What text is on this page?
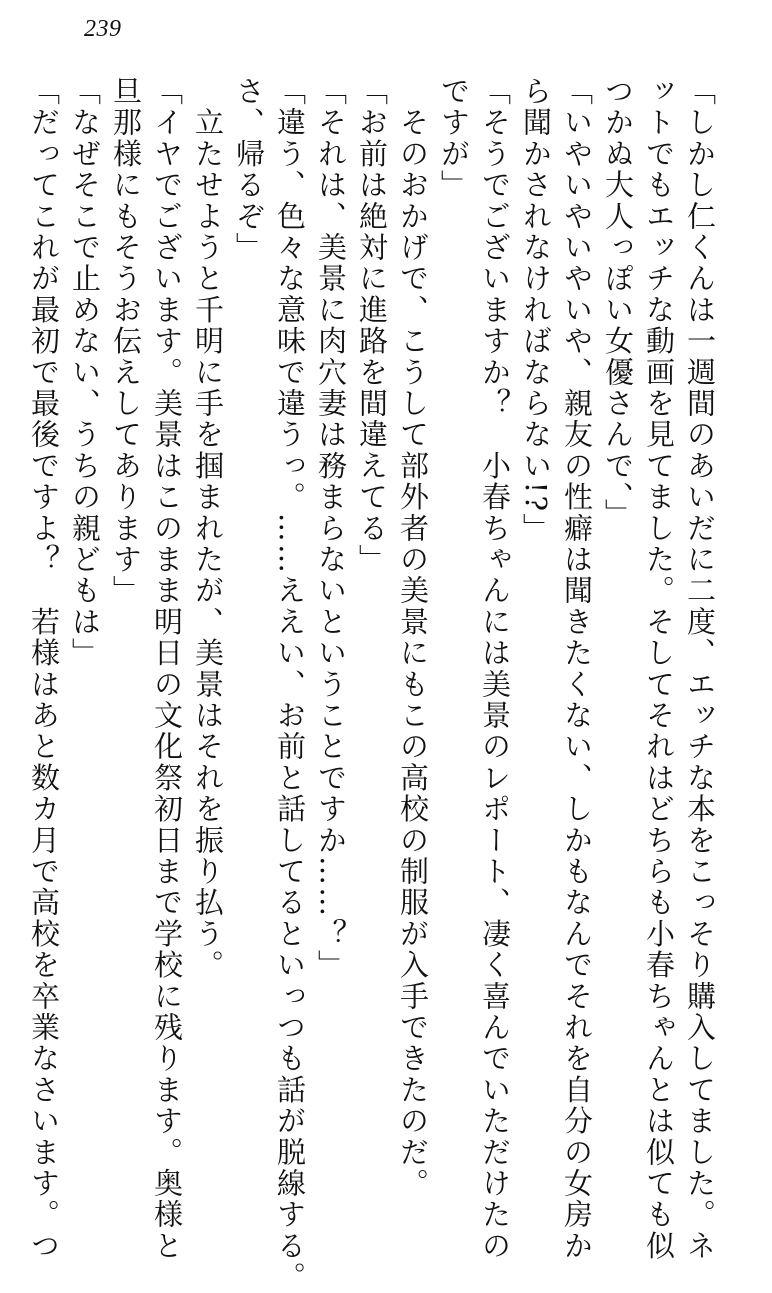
239
「しかし仁くんは一週間のあいだに二度、エッチな本をこっそり購入してました。ネ
ットでもエッチな動画を見てました。そしてそれはどちらも小春ちゃんとは似ても似
つかぬ大人っぽい女優さんで、」
「いやいやいやいや、親友の性癖は聞きたくない、しかもなんでそれを自分の女房か
ら聞かされなければならない!?」
「そうでございますか？　小春ちゃんには美景のレポート、凄く喜んでいただけたの
ですが」
　そのおかげで、こうして部外者の美景にもこの高校の制服が入手できたのだ。
「お前は絶対に進路を間違えてる」
「それは、美景に肉穴妻は務まらないということですか……？」
「違う、色々な意味で違うっ。……ええい、お前と話してるといっつも話が脱線する。
さ、帰るぞ」
　立たせようと千明に手を掴まれたが、美景はそれを振り払う。
「イヤでございます。美景はこのまま明日の文化祭初日まで学校に残ります。奥様と
旦那様にもそうお伝えしてあります」
「なぜそこで止めない、うちの親どもは」
「だってこれが最初で最後ですよ？　若様はあと数カ月で高校を卒業なさいます。つ
